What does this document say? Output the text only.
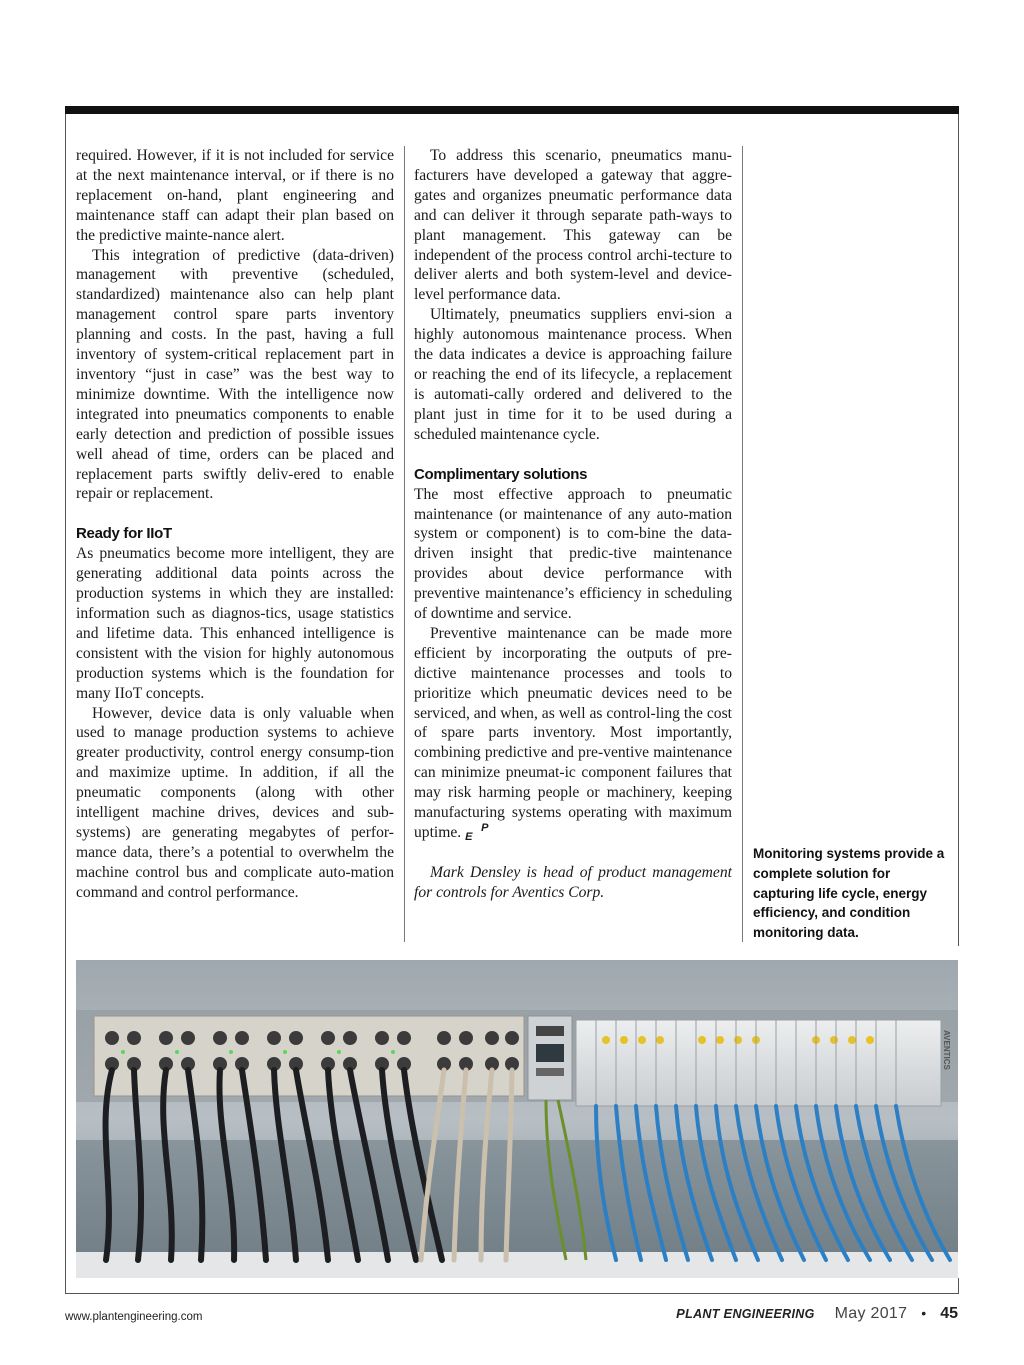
required. However, if it is not included for service at the next maintenance interval, or if there is no replacement on-hand, plant engineering and maintenance staff can adapt their plan based on the predictive mainte-nance alert.

This integration of predictive (data-driven) management with preventive (scheduled, standardized) maintenance also can help plant management control spare parts inventory planning and costs. In the past, having a full inventory of system-critical replacement part in inventory “just in case” was the best way to minimize downtime. With the intelligence now integrated into pneumatics components to enable early detection and prediction of possible issues well ahead of time, orders can be placed and replacement parts swiftly deliv-ered to enable repair or replacement.

Ready for IIoT

As pneumatics become more intelligent, they are generating additional data points across the production systems in which they are installed: information such as diagnos-tics, usage statistics and lifetime data. This enhanced intelligence is consistent with the vision for highly autonomous production systems which is the foundation for many IIoT concepts.

However, device data is only valuable when used to manage production systems to achieve greater productivity, control energy consump-tion and maximize uptime. In addition, if all the pneumatic components (along with other intelligent machine drives, devices and sub-systems) are generating megabytes of perfor-mance data, there’s a potential to overwhelm the machine control bus and complicate auto-mation command and control performance.

To address this scenario, pneumatics manu-facturers have developed a gateway that aggre-gates and organizes pneumatic performance data and can deliver it through separate path-ways to plant management. This gateway can be independent of the process control archi-tecture to deliver alerts and both system-level and device-level performance data.

Ultimately, pneumatics suppliers envi-sion a highly autonomous maintenance process. When the data indicates a device is approaching failure or reaching the end of its lifecycle, a replacement is automati-cally ordered and delivered to the plant just in time for it to be used during a scheduled maintenance cycle.

Complimentary solutions

The most effective approach to pneumatic maintenance (or maintenance of any auto-mation system or component) is to com-bine the data-driven insight that predic-tive maintenance provides about device performance with preventive maintenance’s efficiency in scheduling of downtime and service.

Preventive maintenance can be made more efficient by incorporating the outputs of pre-dictive maintenance processes and tools to prioritize which pneumatic devices need to be serviced, and when, as well as control-ling the cost of spare parts inventory. Most importantly, combining predictive and pre-ventive maintenance can minimize pneumat-ic component failures that may risk harming people or machinery, keeping manufacturing systems operating with maximum uptime. P
E

Mark Densley is head of product management for controls for Aventics Corp.

Monitoring systems provide a complete solution for capturing life cycle, energy efficiency, and condition monitoring data.
AVENTICS
www.plantengineering.com	PLANT ENGINEERING May 2017 • 45
